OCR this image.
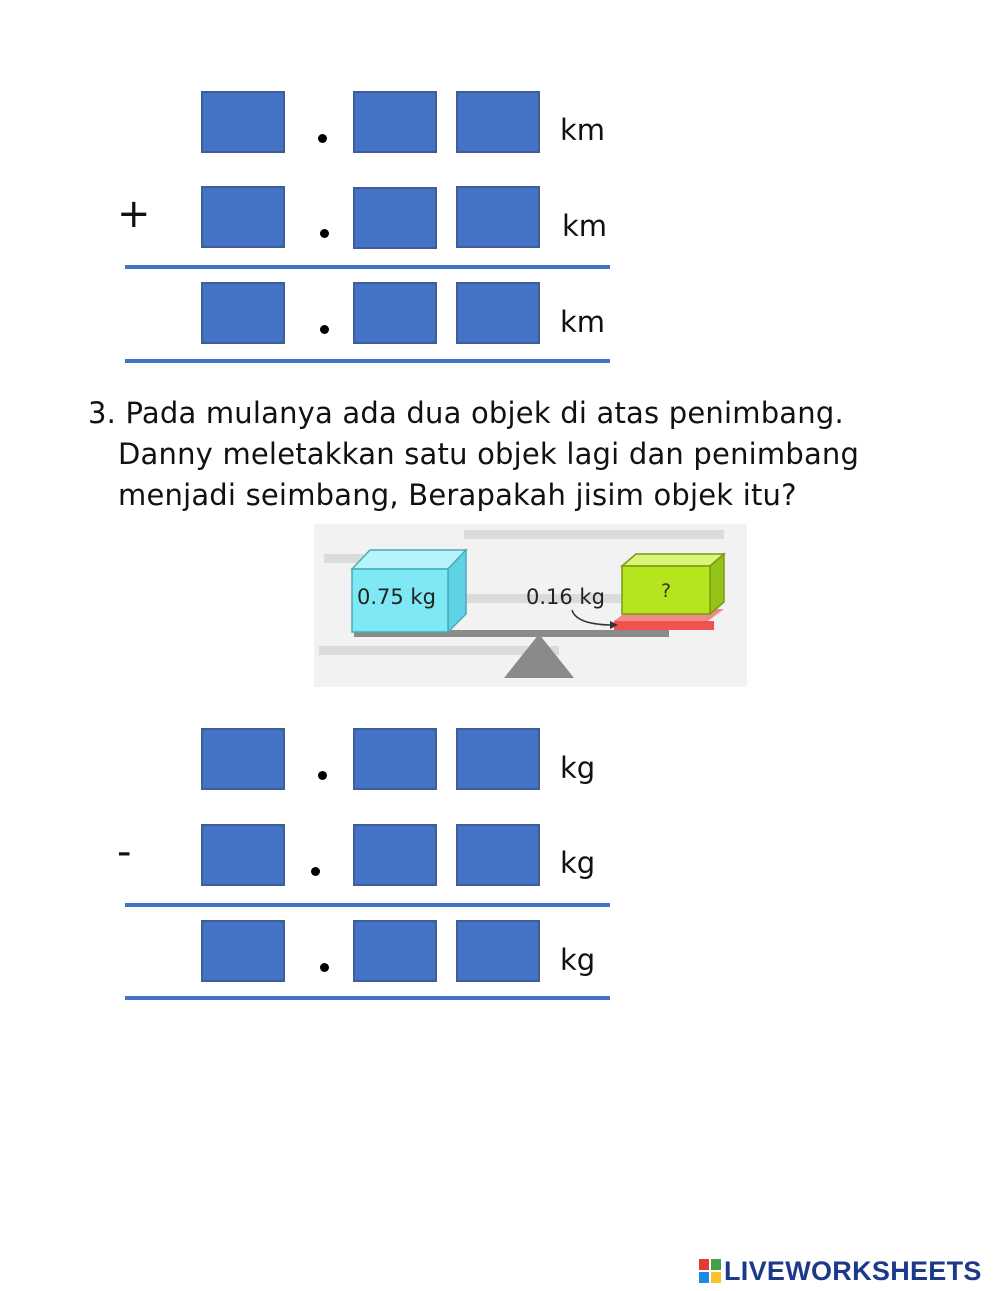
km
+	km
km
3. Pada mulanya ada dua objek di atas penimbang.
Danny meletakkan satu objek lagi dan penimbang
menjadi seimbang, Berapakah jisim objek itu?
0.75 kg	?
0.16 kg
kg
-	kg
kg
LIVEWORKSHEETS
